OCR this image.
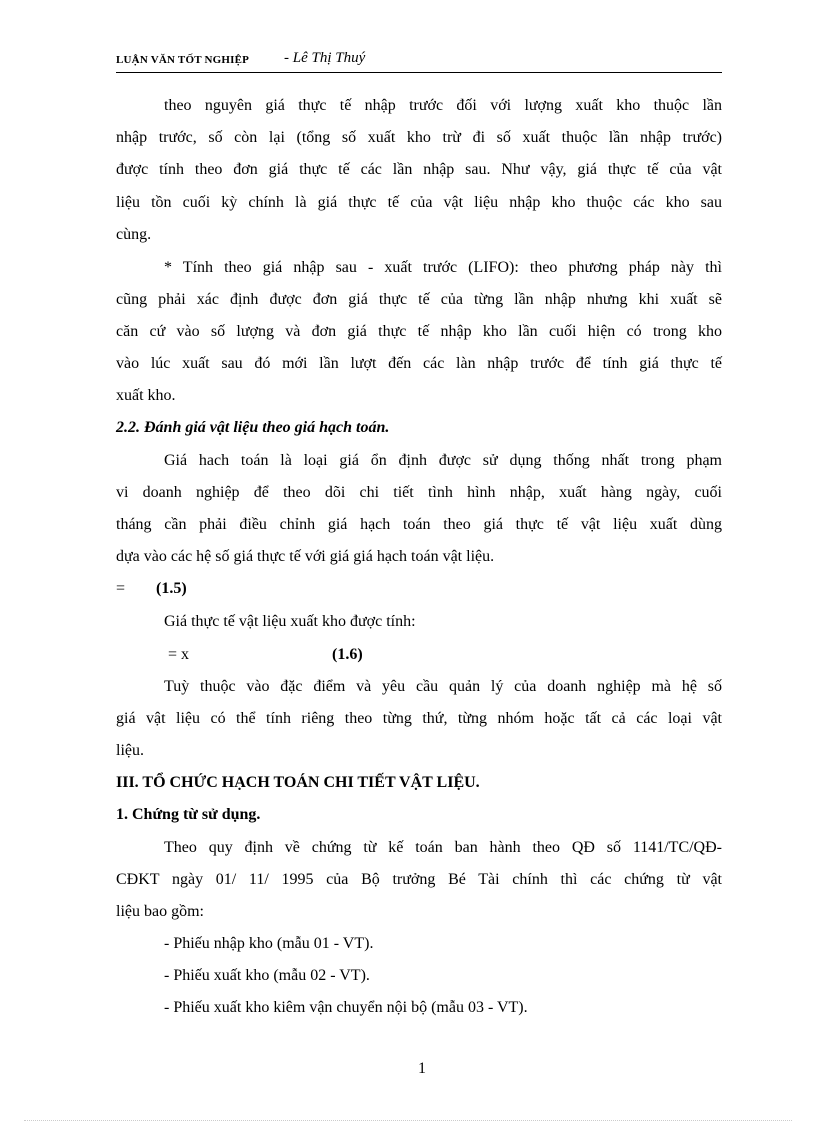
LUẬN VĂN TỐT NGHIỆP - Lê Thị Thuý
theo nguyên giá thực tế nhập trước đối với lượng xuất kho thuộc lần
nhập trước, số còn lại (tổng số xuất kho trừ đi số xuất thuộc lần nhập trước)
được tính theo đơn giá thực tế các lần nhập sau. Như vậy, giá thực tế của vật
liệu tồn cuối kỳ chính là giá thực tế của vật liệu nhập kho thuộc các kho sau
cùng.
* Tính theo giá nhập sau - xuất trước (LIFO): theo phương pháp này thì
cũng phải xác định được đơn giá thực tế của từng lần nhập nhưng khi xuất sẽ
căn cứ vào số lượng và đơn giá thực tế nhập kho lần cuối hiện có trong kho
vào lúc xuất sau đó mới lần lượt đến các làn nhập trước để tính giá thực tế
xuất kho.
2.2. Đánh giá vật liệu theo giá hạch toán.
Giá hach toán là loại giá ổn định được sử dụng thống nhất trong phạm
vi doanh nghiệp để theo dõi chi tiết tình hình nhập, xuất hàng ngày, cuối
tháng cần phải điều chỉnh giá hạch toán theo giá thực tế vật liệu xuất dùng
dựa vào các hệ số giá thực tế với giá giá hạch toán vật liệu.
= (1.5)
Giá thực tế vật liệu xuất kho được tính:
= x	(1.6)
Tuỳ thuộc vào đặc điểm và yêu cầu quản lý của doanh nghiệp mà hệ số
giá vật liệu có thể tính riêng theo từng thứ, từng nhóm hoặc tất cả các loại vật
liệu.
III. TỔ CHỨC HẠCH TOÁN CHI TIẾT VẬT LIỆU.
1. Chứng từ sử dụng.
Theo quy định về chứng từ kế toán ban hành theo QĐ số 1141/TC/QĐ-
CĐKT ngày 01/ 11/ 1995 của Bộ trưởng Bé Tài chính thì các chứng từ vật
liệu bao gồm:
- Phiếu nhập kho (mẫu 01 - VT).
- Phiếu xuất kho (mẫu 02 - VT).
- Phiếu xuất kho kiêm vận chuyển nội bộ (mẫu 03 - VT).
1
